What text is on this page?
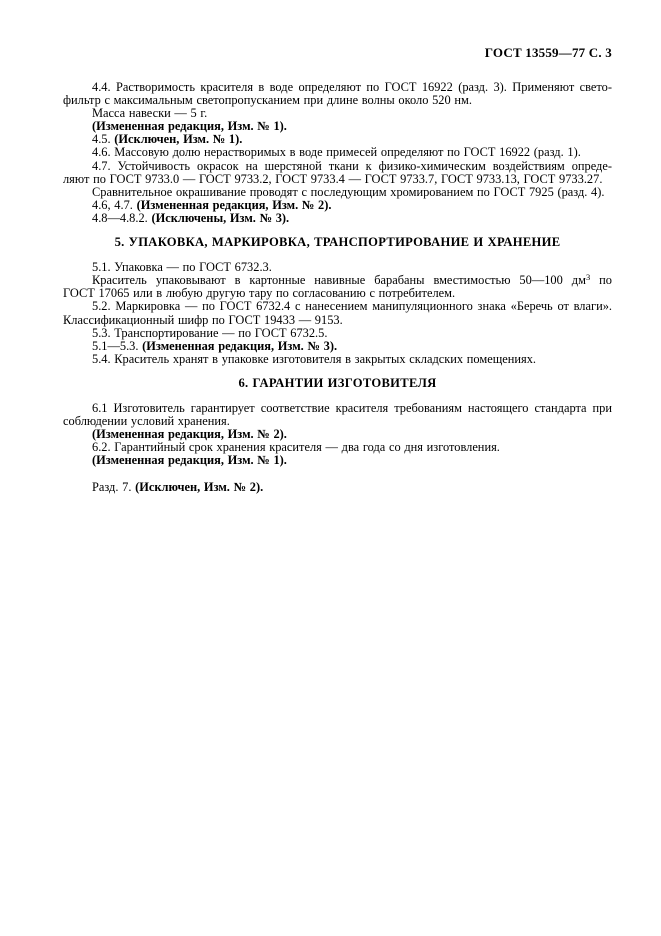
ГОСТ 13559—77 С. 3
4.4. Растворимость красителя в воде определяют по ГОСТ 16922 (разд. 3). Применяют свето-
фильтр с максимальным светопропусканием при длине волны около 520 нм.
Масса навески — 5 г.
(Измененная редакция, Изм. № 1).
4.5. (Исключен, Изм. № 1).
4.6. Массовую долю нерастворимых в воде примесей определяют по ГОСТ 16922 (разд. 1).
4.7. Устойчивость окрасок на шерстяной ткани к физико-химическим воздействиям опреде-
ляют по ГОСТ 9733.0 — ГОСТ 9733.2, ГОСТ 9733.4 — ГОСТ 9733.7, ГОСТ 9733.13, ГОСТ 9733.27.
Сравнительное окрашивание проводят с последующим хромированием по ГОСТ 7925 (разд. 4).
4.6, 4.7. (Измененная редакция, Изм. № 2).
4.8—4.8.2. (Исключены, Изм. № 3).
5. УПАКОВКА, МАРКИРОВКА, ТРАНСПОРТИРОВАНИЕ И ХРАНЕНИЕ
5.1. Упаковка — по ГОСТ 6732.3.
Краситель упаковывают в картонные навивные барабаны вместимостью 50—100 $дм^3$ по
ГОСТ 17065 или в любую другую тару по согласованию с потребителем.
5.2. Маркировка — по ГОСТ 6732.4 с нанесением манипуляционного знака «Беречь от влаги».
Классификационный шифр по ГОСТ 19433 — 9153.
5.3. Транспортирование — по ГОСТ 6732.5.
5.1—5.3. (Измененная редакция, Изм. № 3).
5.4. Краситель хранят в упаковке изготовителя в закрытых складских помещениях.
6. ГАРАНТИИ ИЗГОТОВИТЕЛЯ
6.1 Изготовитель гарантирует соответствие красителя требованиям настоящего стандарта при
соблюдении условий хранения.
(Измененная редакция, Изм. № 2).
6.2. Гарантийный срок хранения красителя — два года со дня изготовления.
(Измененная редакция, Изм. № 1).

Разд. 7. (Исключен, Изм. № 2).
